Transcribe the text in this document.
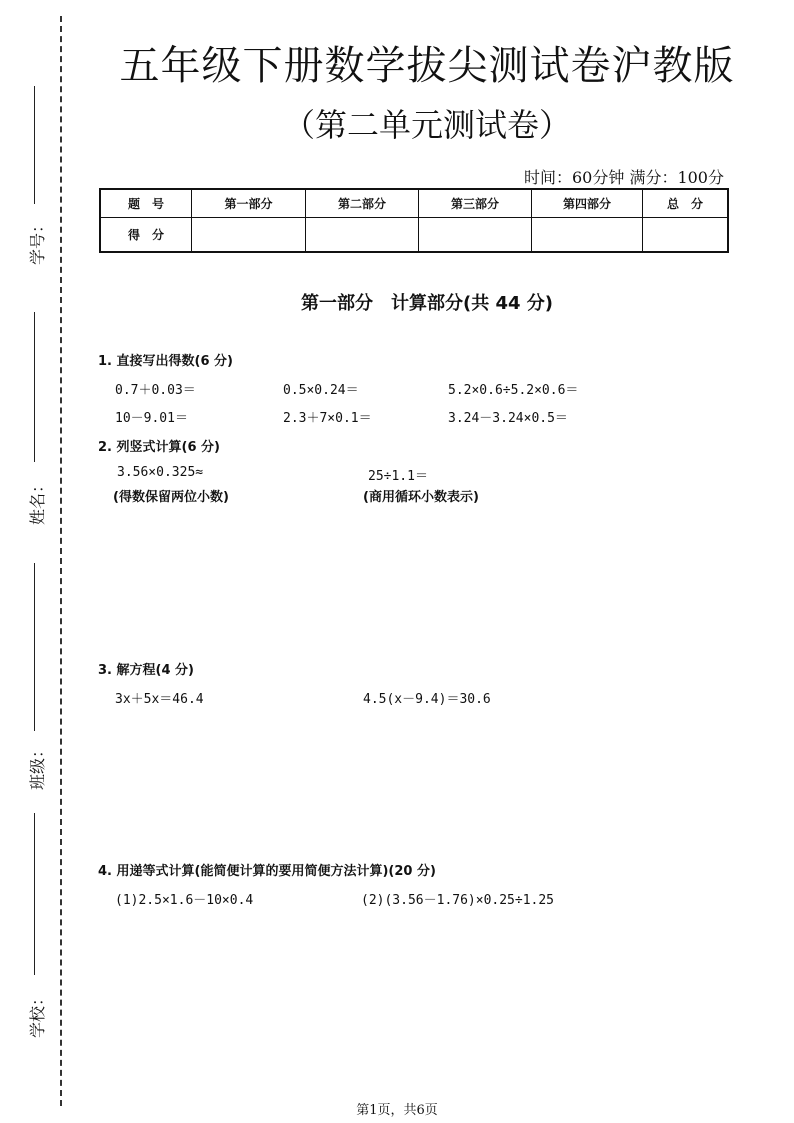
学号：
姓名：
班级：
学校：
五年级下册数学拔尖测试卷沪教版
（第二单元测试卷）
时间：60分钟 满分：100分
题　号	第一部分	第二部分	第三部分	第四部分	总　分
得　分					
第一部分　计算部分(共 44 分)
1. 直接写出得数(6 分)
0.7＋0.03＝	0.5×0.24＝	5.2×0.6÷5.2×0.6＝
10－9.01＝	2.3＋7×0.1＝	3.24－3.24×0.5＝
2. 列竖式计算(6 分)
3.56×0.325≈
(得数保留两位小数)
25÷1.1＝
(商用循环小数表示)
3. 解方程(4 分)
3x＋5x＝46.4	4.5(x－9.4)＝30.6
4. 用递等式计算(能简便计算的要用简便方法计算)(20 分)
(1)2.5×1.6－10×0.4	(2)(3.56－1.76)×0.25÷1.25
第1页，共6页
